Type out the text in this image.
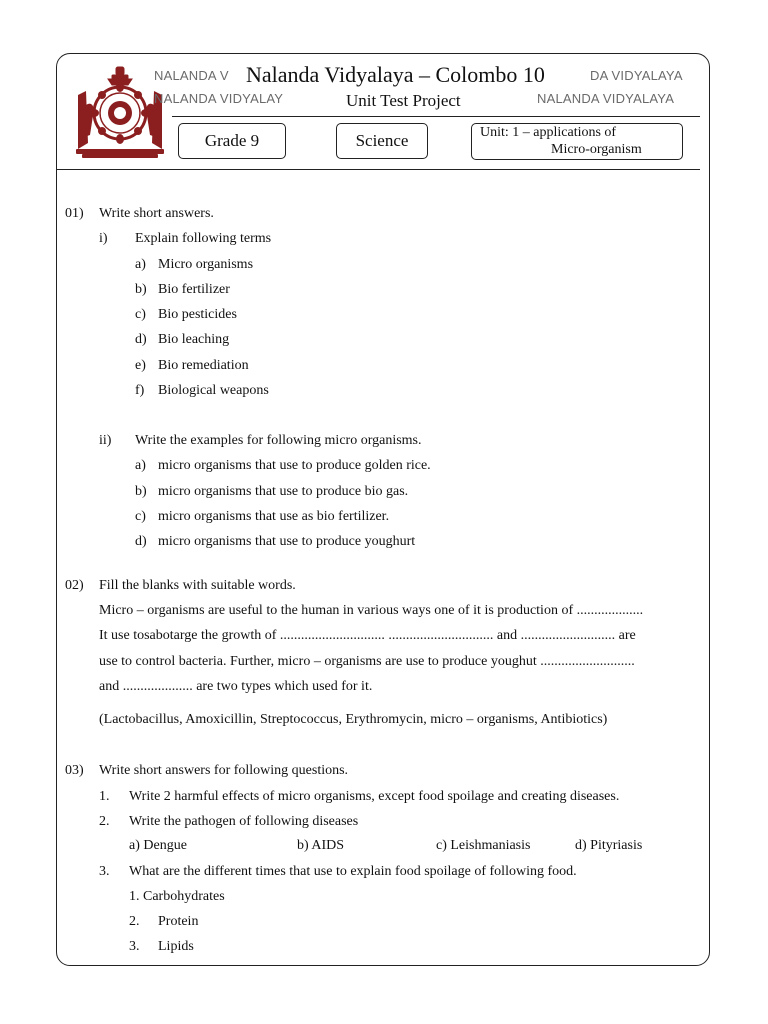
NALANDA V	DA VIDYALAYA
Nalanda Vidyalaya – Colombo 10
NALANDA VIDYALAY	NALANDA VIDYALAYA
Unit Test Project
Grade 9	Science	Unit: 1 – applications of
Micro-organism
01) Write short answers.
i) Explain following terms
a) Micro organisms
b) Bio fertilizer
c) Bio pesticides
d) Bio leaching
e) Bio remediation
f) Biological weapons
ii) Write the examples for following micro organisms.
a) micro organisms that use to produce golden rice.
b) micro organisms that use to produce bio gas.
c) micro organisms that use as bio fertilizer.
d) micro organisms that use to produce youghurt
02) Fill the blanks with suitable words.
Micro – organisms are useful to the human in various ways one of it is production of ...................
It use tosabotarge the growth of .............................. .............................. and ........................... are
use to control bacteria. Further, micro – organisms are use to produce youghut ...........................
and .................... are two types which used for it.
(Lactobacillus, Amoxicillin, Streptococcus, Erythromycin, micro – organisms, Antibiotics)
03) Write short answers for following questions.
1. Write 2 harmful effects of micro organisms, except food spoilage and creating diseases.
2. Write the pathogen of following diseases
a) Dengue	b) AIDS	c) Leishmaniasis	d) Pityriasis
3. What are the different times that use to explain food spoilage of following food.
1. Carbohydrates
2. Protein
3. Lipids
